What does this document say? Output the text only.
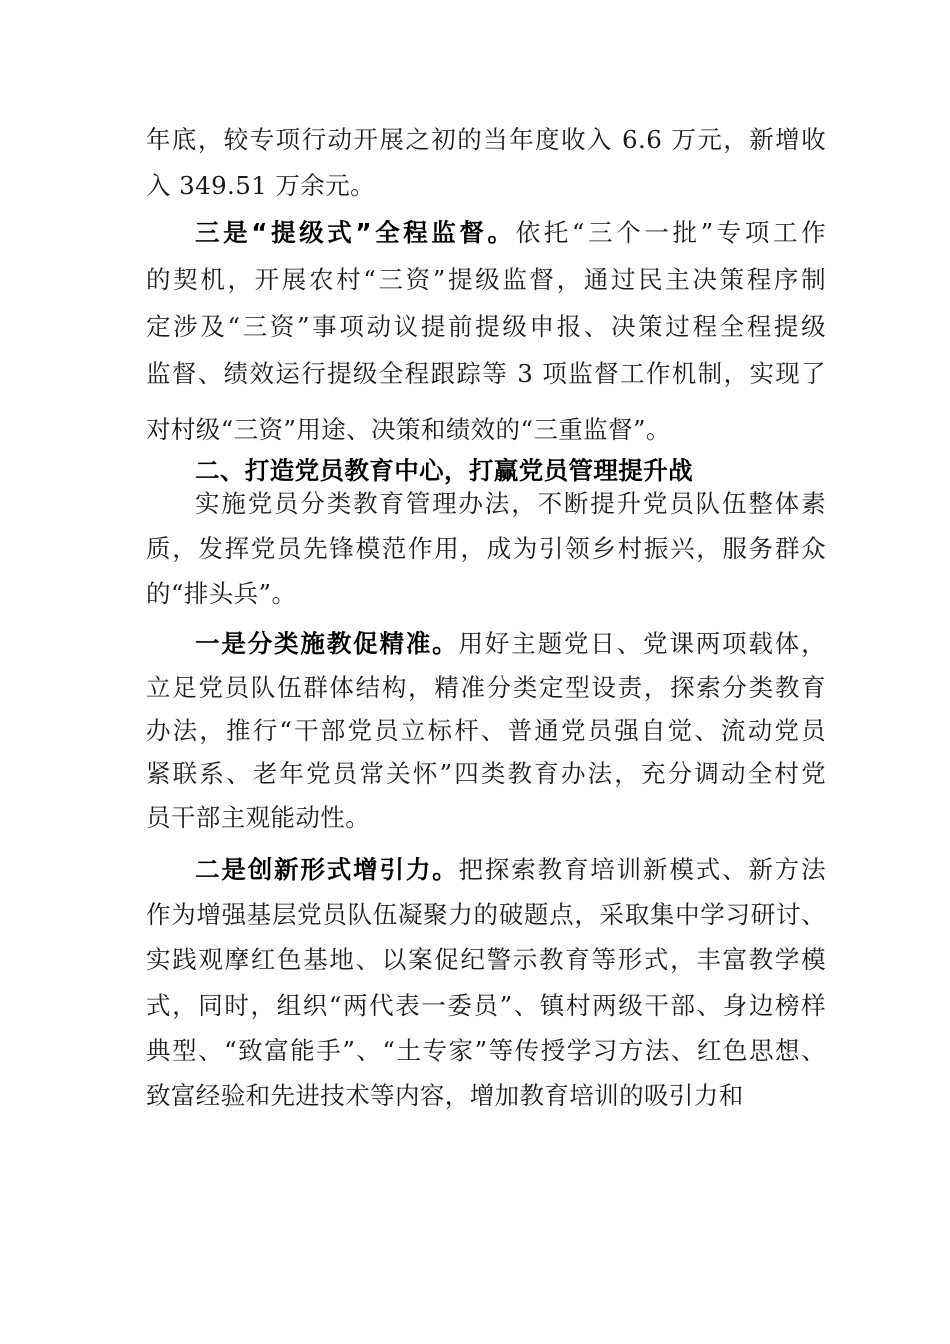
年底，较专项行动开展之初的当年度收入 6.6 万元，新增收
入 349.51 万余元。
三是“提级式”全程监督。依托“三个一批”专项工作
的契机，开展农村“三资”提级监督，通过民主决策程序制
定涉及“三资”事项动议提前提级申报、决策过程全程提级
监督、绩效运行提级全程跟踪等 3 项监督工作机制，实现了
对村级“三资”用途、决策和绩效的“三重监督”。
二、打造党员教育中心，打赢党员管理提升战
实施党员分类教育管理办法，不断提升党员队伍整体素
质，发挥党员先锋模范作用，成为引领乡村振兴，服务群众
的“排头兵”。
一是分类施教促精准。用好主题党日、党课两项载体，
立足党员队伍群体结构，精准分类定型设责，探索分类教育
办法，推行“干部党员立标杆、普通党员强自觉、流动党员
紧联系、老年党员常关怀”四类教育办法，充分调动全村党
员干部主观能动性。
二是创新形式增引力。把探索教育培训新模式、新方法
作为增强基层党员队伍凝聚力的破题点，采取集中学习研讨、
实践观摩红色基地、以案促纪警示教育等形式，丰富教学模
式，同时，组织“两代表一委员”、镇村两级干部、身边榜样
典型、“致富能手”、“土专家”等传授学习方法、红色思想、
致富经验和先进技术等内容，增加教育培训的吸引力和
